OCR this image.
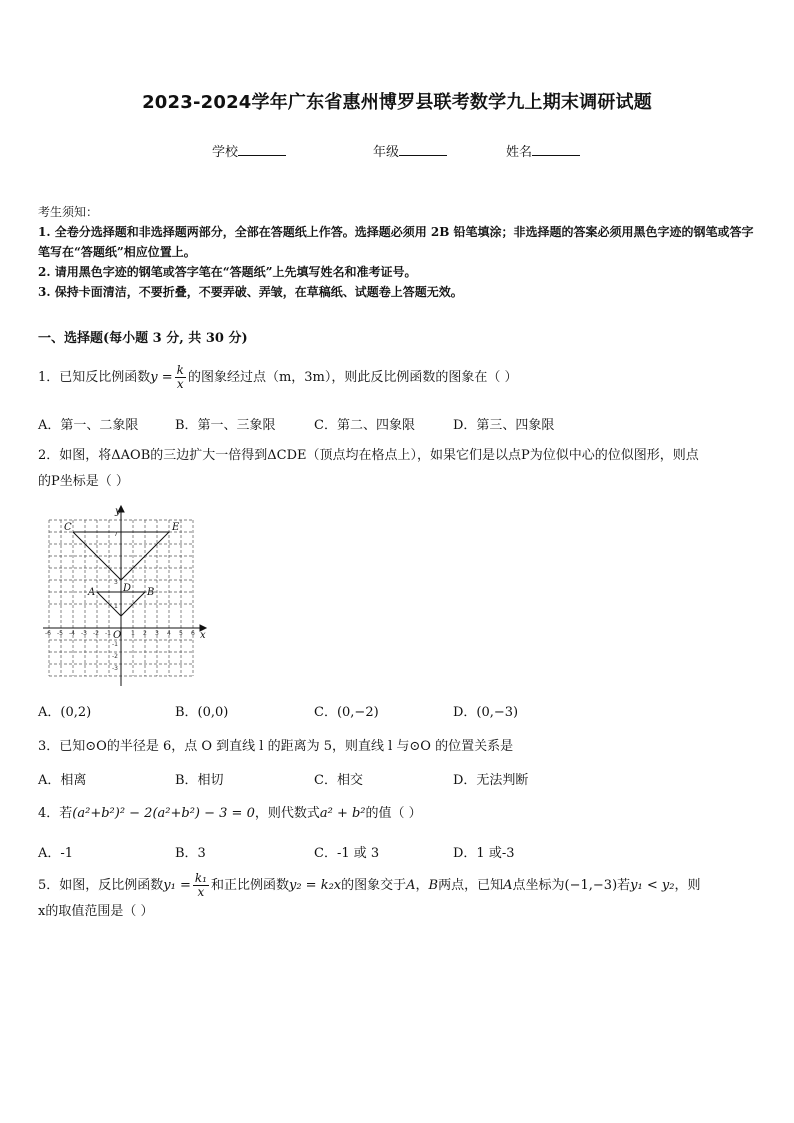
2023-2024学年广东省惠州博罗县联考数学九上期末调研试题
学校	年级	姓名
考生须知：
1. 全卷分选择题和非选择题两部分，全部在答题纸上作答。选择题必须用 2B 铅笔填涂；非选择题的答案必须用黑色字迹的钢笔或答字笔写在“答题纸”相应位置上。
2. 请用黑色字迹的钢笔或答字笔在“答题纸”上先填写姓名和准考证号。
3. 保持卡面清洁，不要折叠，不要弄破、弄皱，在草稿纸、试题卷上答题无效。
一、选择题(每小题 3 分, 共 30 分)
1．已知反比例函数$y = \frac{k}{x}$ 的图象经过点（m，3m），则此反比例函数的图象在（ ）
A．第一、二象限	B．第一、三象限	C．第二、四象限	D．第三、四象限
2．如图，将ΔAOB的三边扩大一倍得到ΔCDE（顶点均在格点上），如果它们是以点P为位似中心的位似图形，则点
的P坐标是（ ）
C	E
D
A	B
O	x
y
-6 -5 -4 -3 -2 -1	1 2 3 4 5 6
7
3
1
-1
-2
-3
A．(0,2)	B．(0,0)	C．(0,−2)	D．(0,−3)
3．已知⊙O的半径是 6，点 O 到直线 l 的距离为 5，则直线 l 与⊙O 的位置关系是
A．相离	B．相切	C．相交	D．无法判断
4．若(a²+b²)² − 2(a²+b²) − 3 = 0，则代数式a² + b²的值（ ）
A．-1	B．3	C．-1 或 3	D．1 或-3
5．如图，反比例函数$y_1 = \frac{\text{k₁}}{x}$ 和正比例函数y₂ = k₂x的图象交于A，B两点，已知A点坐标为(−1,−3)若y₁ < y₂，则
x的取值范围是（ ）
